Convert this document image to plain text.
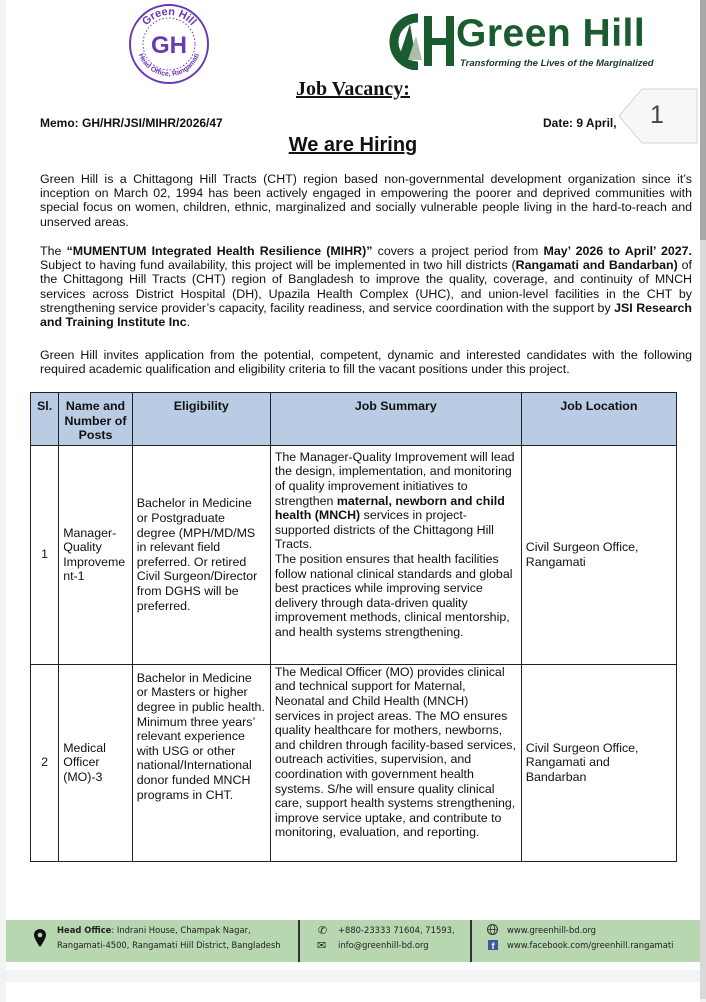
Green Hill
Head Office, Rangamati
GH	Green Hill
Transforming the Lives of the Marginalized
Job Vacancy:
Memo: GH/HR/JSI/MIHR/2026/47	Date: 9 April, 1
We are Hiring
Green Hill is a Chittagong Hill Tracts (CHT) region based non-governmental development organization since it’s inception on March 02, 1994 has been actively engaged in empowering the poorer and deprived communities with special focus on women, children, ethnic, marginalized and socially vulnerable people living in the hard-to-reach and unserved areas.
The “MUMENTUM Integrated Health Resilience (MIHR)” covers a project period from May’ 2026 to April’ 2027. Subject to having fund availability, this project will be implemented in two hill districts (Rangamati and Bandarban) of the Chittagong Hill Tracts (CHT) region of Bangladesh to improve the quality, coverage, and continuity of MNCH services across District Hospital (DH), Upazila Health Complex (UHC), and union-level facilities in the CHT by strengthening service provider’s capacity, facility readiness, and service coordination with the support by JSI Research and Training Institute Inc.
Green Hill invites application from the potential, competent, dynamic and interested candidates with the following required academic qualification and eligibility criteria to fill the vacant positions under this project.
Sl.	Name and Number of Posts	Eligibility	Job Summary	Job Location
1	Manager-Quality Improveme nt-1	Bachelor in Medicine or Postgraduate degree (MPH/MD/MS in relevant field preferred. Or retired Civil Surgeon/Director from DGHS will be preferred.	The Manager-Quality Improvement will lead the design, implementation, and monitoring of quality improvement initiatives to strengthen maternal, newborn and child health (MNCH) services in project-supported districts of the Chittagong Hill Tracts.
The position ensures that health facilities follow national clinical standards and global best practices while improving service delivery through data-driven quality improvement methods, clinical mentorship, and health systems strengthening.	Civil Surgeon Office, Rangamati
2	Medical Officer (MO)-3	Bachelor in Medicine or Masters or higher degree in public health. Minimum three years’ relevant experience with USG or other national/International donor funded MNCH programs in CHT.	The Medical Officer (MO) provides clinical and technical support for Maternal, Neonatal and Child Health (MNCH) services in project areas. The MO ensures quality healthcare for mothers, newborns, and children through facility-based services, outreach activities, supervision, and coordination with government health systems. S/he will ensure quality clinical care, support health systems strengthening, improve service uptake, and contribute to monitoring, evaluation, and reporting.	Civil Surgeon Office, Rangamati and Bandarban
Head Office: Indrani House, Champak Nagar,
Rangamati-4500, Rangamati Hill District, Bangladesh
✆ +880-23333 71604, 71593,
✉ info@greenhill-bd.org
www.greenhill-bd.org
f www.facebook.com/greenhill.rangamati
